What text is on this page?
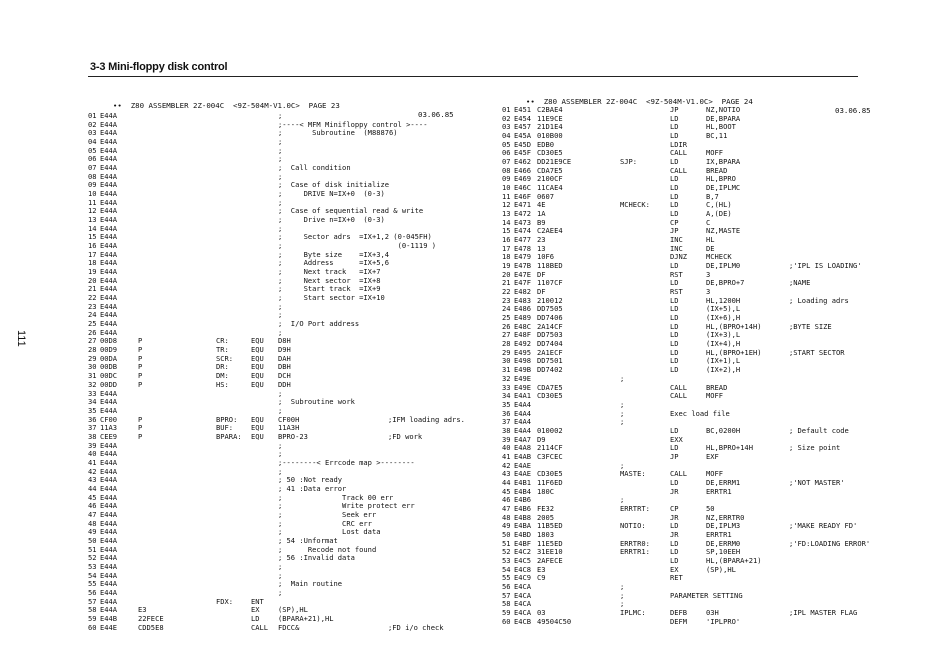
3-3 Mini-floppy disk control
111

••  Z80 ASSEMBLER 2Z-004C  <9Z-504M-V1.0C>  PAGE 23

03.06.85

01 E44A	;
02 E44A	;----< MFM Minifloppy control >----
03 E44A	;       Subroutine  (M88876)
04 E44A	;
05 E44A	;
06 E44A	;
07 E44A	;  Call condition
08 E44A	;
09 E44A	;  Case of disk initialize
10 E44A	;     DRIVE N=IX+0  (0-3)
11 E44A	;
12 E44A	;  Case of sequential read & write
13 E44A	;     Drive n=IX+0  (0-3)
14 E44A	;
15 E44A	;     Sector adrs  =IX+1,2 (0-045FH)
16 E44A	;                           (0-1119 )
17 E44A	;     Byte size    =IX+3,4
18 E44A	;     Address      =IX+5,6
19 E44A	;     Next track   =IX+7
20 E44A	;     Next sector  =IX+8
21 E44A	;     Start track  =IX+9
22 E44A	;     Start sector =IX+10
23 E44A	;
24 E44A	;
25 E44A	;  I/O Port address
26 E44A	;
27 00D8	P	CR:	EQU D8H
28 00D9	P	TR:	EQU D9H
29 00DA	P	SCR:	EQU DAH
30 00DB	P	DR:	EQU DBH
31 00DC	P	DM:	EQU DCH
32 00DD	P	HS:	EQU DDH
33 E44A	;
34 E44A	;  Subroutine work
35 E44A	;
36 CF00	P	BPRO: EQU CF00H	;IFM loading adrs.
37 11A3	P	BUF:	EQU 11A3H
38 CEE9	P	BPARA: EQU BPRO-23	;FD work
39 E44A	;
40 E44A	;
41 E44A	;--------< Errcode map >--------
42 E44A	;
43 E44A	; 50 :Not ready
44 E44A	; 41 :Data error
45 E44A	;              Track 00 err
46 E44A	;              Write protect err
47 E44A	;              Seek err
48 E44A	;              CRC err
49 E44A	;              Lost data
50 E44A	; 54 :Unformat
51 E44A	;      Recode not found
52 E44A	; 56 :Invalid data
53 E44A	;
54 E44A	;
55 E44A	;  Main routine
56 E44A	;
57 E44A	FDX:	ENT
58 E44A	E3	EX	(SP),HL
59 E44B	22FECE	LD	(BPARA+21),HL
60 E44E	CDD5E8	CALL FDCC&	;FD i/o check

••  Z80 ASSEMBLER 2Z-004C  <9Z-504M-V1.0C>  PAGE 24

03.06.85

01 E451 C2BAE4	JP	NZ,NOTIO
02 E454 11E9CE	LD	DE,BPARA
03 E457 21D1E4	LD	HL,BOOT
04 E45A 010B00	LD	BC,11
05 E45D EDB0	LDIR
06 E45F CD30E5	CALL	MOFF
07 E462 DD21E9CE	SJP:	LD	IX,BPARA
08 E466 CDA7E5	CALL	BREAD
09 E469 2100CF	LD	HL,BPRO
10 E46C 11CAE4	LD	DE,IPLMC
11 E46F 0607	LD	B,7
12 E471 4E	MCHECK:	LD	C,(HL)
13 E472 1A	LD	A,(DE)
14 E473 B9	CP	C
15 E474 C2AEE4	JP	NZ,MASTE
16 E477 23	INC	HL
17 E478 13	INC	DE
18 E479 10F6	DJNZ	MCHECK
19 E47B 118BED	LD	DE,IPLM0	;'IPL IS LOADING'
20 E47E DF	RST	3
21 E47F 1107CF	LD	DE,BPRO+7	;NAME
22 E482 DF	RST	3
23 E483 210012	LD	HL,1200H	; Loading adrs
24 E486 DD7505	LD	(IX+5),L
25 E489 DD7406	LD	(IX+6),H
26 E48C 2A14CF	LD	HL,(BPRO+14H)	;BYTE SIZE
27 E48F DD7503	LD	(IX+3),L
28 E492 DD7404	LD	(IX+4),H
29 E495 2A1ECF	LD	HL,(BPRO+1EH)	;START SECTOR
30 E498 DD7501	LD	(IX+1),L
31 E49B DD7402	LD	(IX+2),H
32 E49E	;
33 E49E CDA7E5	CALL	BREAD
34 E4A1 CD30E5	CALL	MOFF
35 E4A4	;
36 E4A4	;	Exec load file
37 E4A4	;
38 E4A4 010002	LD	BC,0200H	; Default code
39 E4A7 D9	EXX
40 E4A8 2114CF	LD	HL,BPRO+14H	; Size point
41 E4AB C3FCEC	JP	EXF
42 E4AE	;
43 E4AE CD30E5	MASTE:	CALL	MOFF
44 E4B1 11F6ED	LD	DE,ERRM1	;'NOT MASTER'
45 E4B4 180C	JR	ERRTR1
46 E4B6	;
47 E4B6 FE32	ERRTRT:	CP	50
48 E4B8 2005	JR	NZ,ERRTR0
49 E4BA 11B5ED	NOTIO:	LD	DE,IPLM3	;'MAKE READY FD'
50 E4BD 1803	JR	ERRTR1
51 E4BF 11E5ED	ERRTR0:	LD	DE,ERRM0	;'FD:LOADING ERROR'
52 E4C2 31EE10	ERRTR1:	LD	SP,10EEH
53 E4C5 2AFECE	LD	HL,(BPARA+21)
54 E4C8 E3	EX	(SP),HL
55 E4C9 C9	RET
56 E4CA	;
57 E4CA	;	PARAMETER SETTING
58 E4CA	;
59 E4CA 03	IPLMC:	DEFB	03H	;IPL MASTER FLAG
60 E4CB 49504C50	DEFM	'IPLPRO'
